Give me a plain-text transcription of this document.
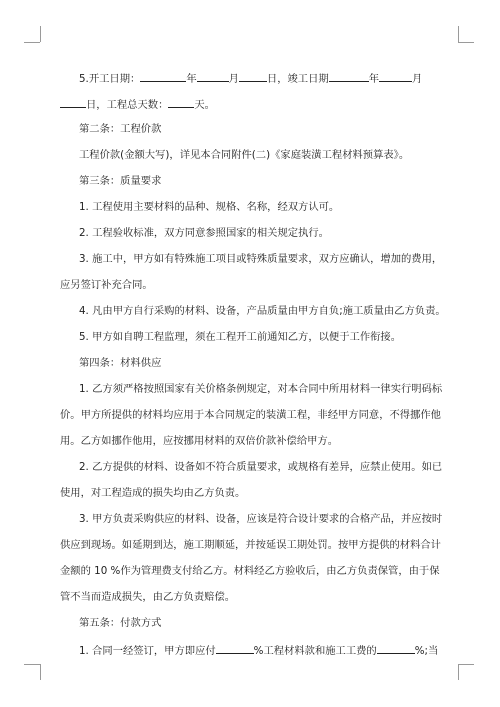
5.开工日期：	年	月	日，竣工日期	年	月
日，工程总天数：	天。
第二条：工程价款
工程价款(金额大写)，详见本合同附件(二)《家庭装潢工程材料预算表》。
第三条：质量要求
1. 工程使用主要材料的品种、规格、名称，经双方认可。
2. 工程验收标准，双方同意参照国家的相关规定执行。
3. 施工中，甲方如有特殊施工项目或特殊质量要求，双方应确认，增加的费用，
应另签订补充合同。
4. 凡由甲方自行采购的材料、设备，产品质量由甲方自负;施工质量由乙方负责。
5. 甲方如自聘工程监理，须在工程开工前通知乙方，以便于工作衔接。
第四条：材料供应
1. 乙方须严格按照国家有关价格条例规定，对本合同中所用材料一律实行明码标
价。甲方所提供的材料均应用于本合同规定的装潢工程，非经甲方同意，不得挪作他
用。乙方如挪作他用，应按挪用材料的双倍价款补偿给甲方。
2. 乙方提供的材料、设备如不符合质量要求，或规格有差异，应禁止使用。如已
使用，对工程造成的损失均由乙方负责。
3. 甲方负责采购供应的材料、设备，应该是符合设计要求的合格产品，并应按时
供应到现场。如延期到达，施工期顺延，并按延误工期处罚。按甲方提供的材料合计
金额的 10 %作为管理费支付给乙方。材料经乙方验收后，由乙方负责保管，由于保
管不当而造成损失，由乙方负责赔偿。
第五条：付款方式
1. 合同一经签订，甲方即应付	%工程材料款和施工工费的	%;当
